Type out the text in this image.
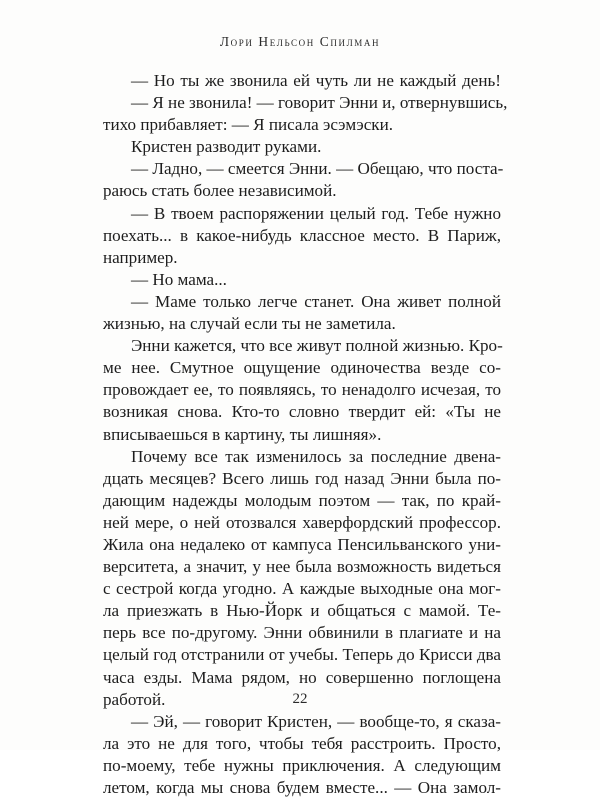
Лори Нельсон Спилман
— Но ты же звонила ей чуть ли не каждый день!
— Я не звонила! — говорит Энни и, отвернувшись,
тихо прибавляет: — Я писала эсэмэски.
Кристен разводит руками.
— Ладно, — смеется Энни. — Обещаю, что поста-
раюсь стать более независимой.
— В твоем распоряжении целый год. Тебе нужно
поехать... в какое-нибудь классное место. В Париж,
например.
— Но мама...
— Маме только легче станет. Она живет полной
жизнью, на случай если ты не заметила.
Энни кажется, что все живут полной жизнью. Кро-
ме нее. Смутное ощущение одиночества везде со-
провождает ее, то появляясь, то ненадолго исчезая, то
возникая снова. Кто-то словно твердит ей: «Ты не
вписываешься в картину, ты лишняя».
Почему все так изменилось за последние двена-
дцать месяцев? Всего лишь год назад Энни была по-
дающим надежды молодым поэтом — так, по край-
ней мере, о ней отозвался хаверфордский профессор.
Жила она недалеко от кампуса Пенсильванского уни-
верситета, а значит, у нее была возможность видеться
с сестрой когда угодно. А каждые выходные она мог-
ла приезжать в Нью-Йорк и общаться с мамой. Те-
перь все по-другому. Энни обвинили в плагиате и на
целый год отстранили от учебы. Теперь до Крисси два
часа езды. Мама рядом, но совершенно поглощена
работой.
— Эй, — говорит Кристен, — вообще-то, я сказа-
ла это не для того, чтобы тебя расстроить. Просто,
по-моему, тебе нужны приключения. А следующим
летом, когда мы снова будем вместе... — Она замол-
22
